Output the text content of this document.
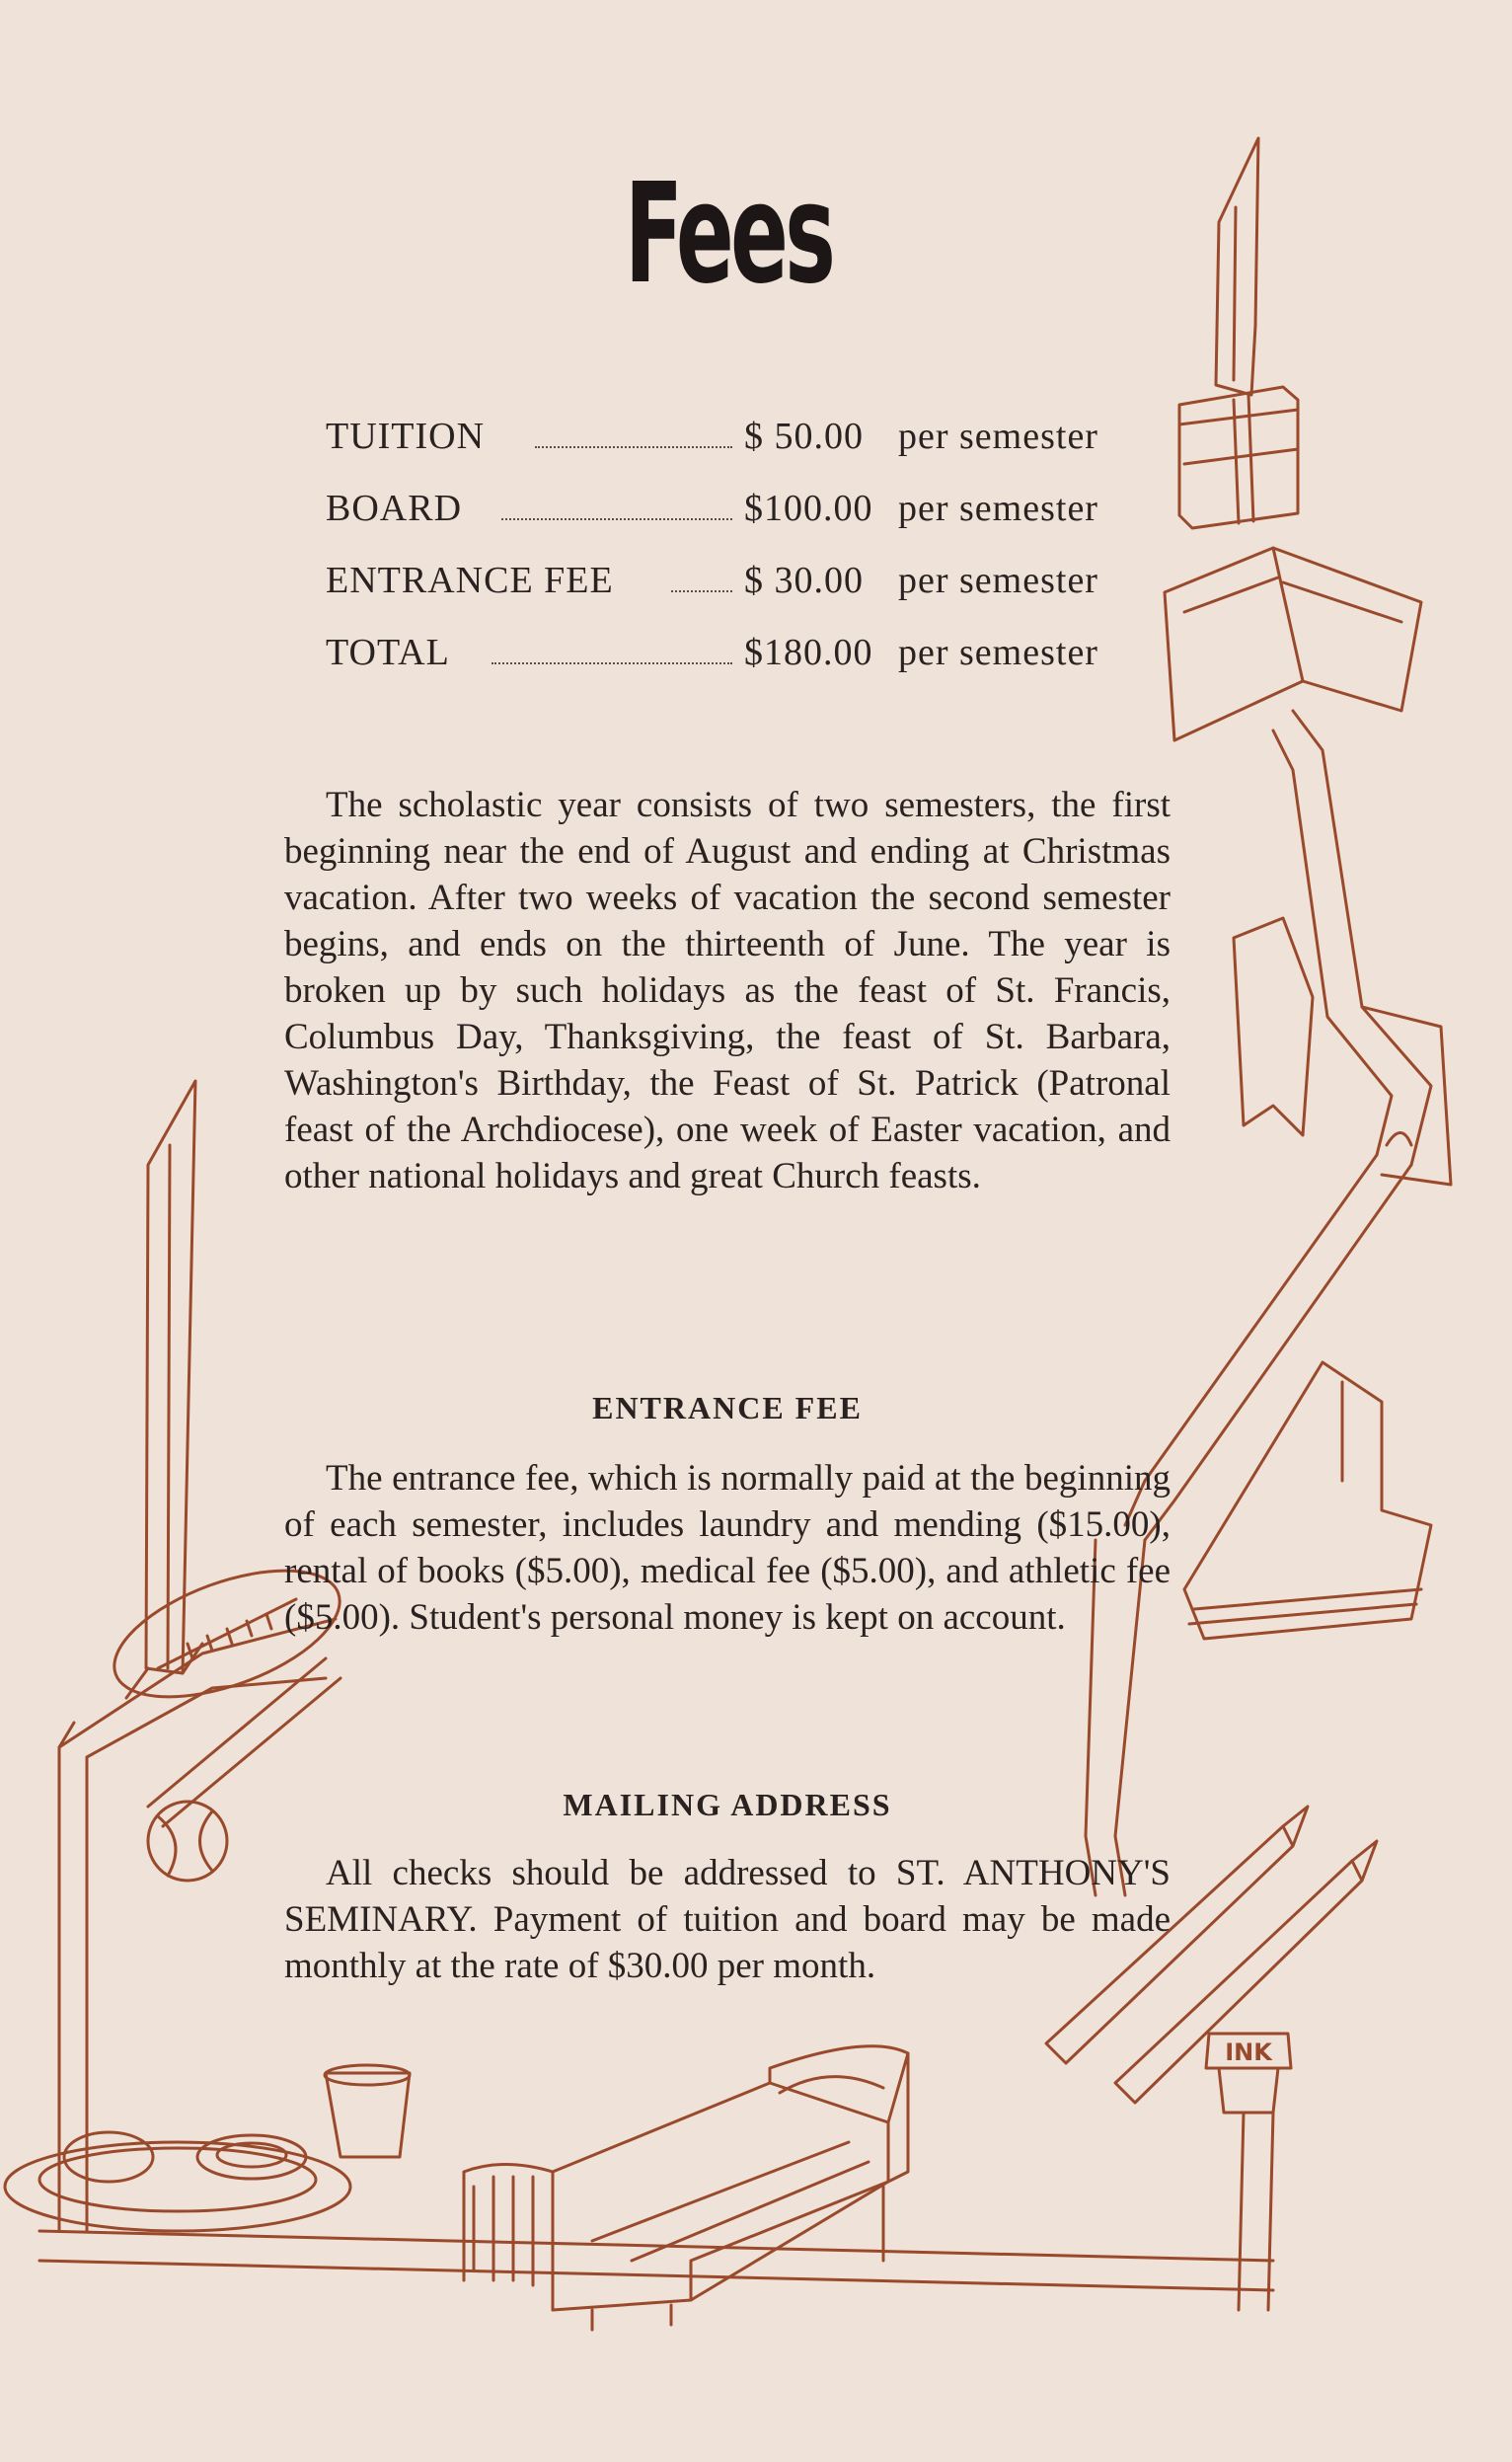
INK
Fees
TUITION	$ 50.00 per semester
BOARD	$100.00 per semester
ENTRANCE FEE	$ 30.00 per semester
TOTAL	$180.00 per semester

The scholastic year consists of two semesters, the first beginning near the end of August and ending at Christmas vacation. After two weeks of vacation the second semester begins, and ends on the thirteenth of June. The year is broken up by such holidays as the feast of St. Francis, Columbus Day, Thanksgiving, the feast of St. Barbara, Washington's Birthday, the Feast of St. Patrick (Patronal feast of the Archdiocese), one week of Easter vacation, and other national holidays and great Church feasts.

ENTRANCE FEE

The entrance fee, which is normally paid at the beginning of each semester, includes laundry and mending ($15.00), rental of books ($5.00), medical fee ($5.00), and athletic fee ($5.00). Student's personal money is kept on account.

MAILING ADDRESS

All checks should be addressed to ST. ANTHONY'S SEMINARY. Payment of tuition and board may be made monthly at the rate of $30.00 per month.
